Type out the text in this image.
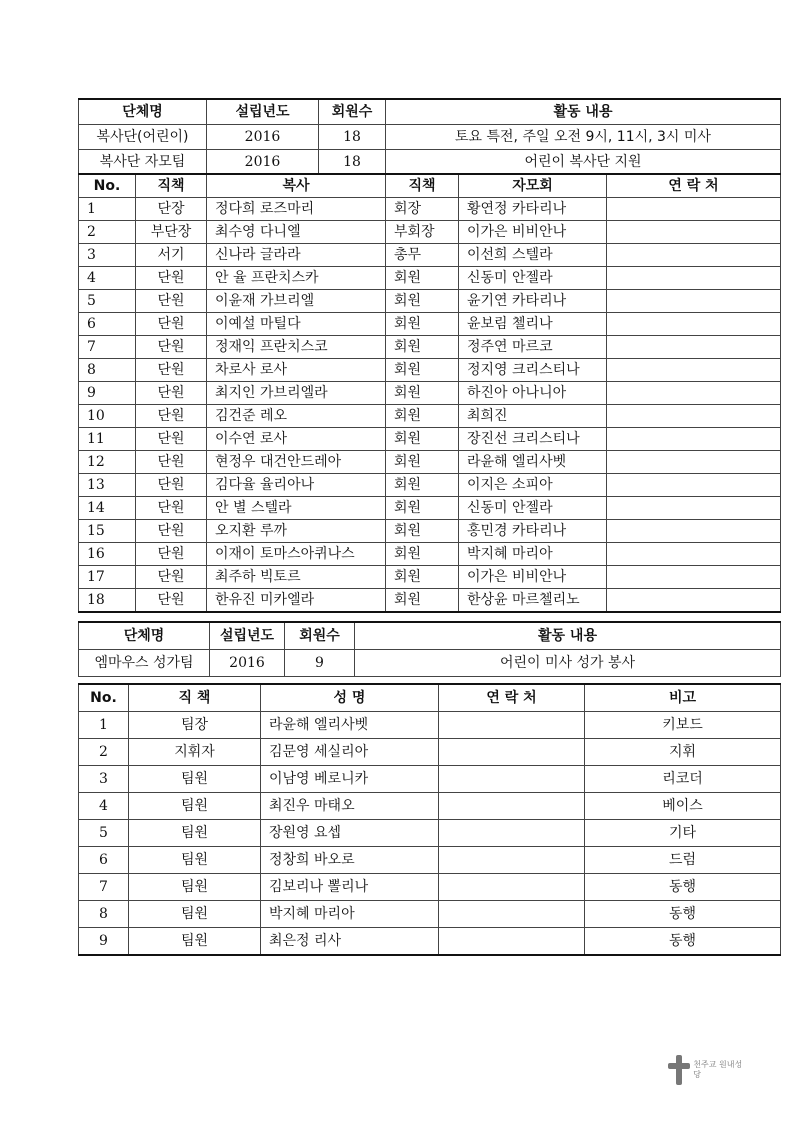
단체명	설립년도	회원수	활동 내용
복사단(어린이)	2016	18	토요 특전, 주일 오전 9시, 11시, 3시 미사
복사단 자모팀	2016	18	어린이 복사단 지원
No.	직책	복사	직책	자모회	연 락 처
1	단장	정다희 로즈마리	회장	황연정 카타리나	
2	부단장	최수영 다니엘	부회장	이가은 비비안나	
3	서기	신나라 글라라	총무	이선희 스텔라	
4	단원	안 율 프란치스카	회원	신동미 안젤라	
5	단원	이윤재 가브리엘	회원	윤기연 카타리나	
6	단원	이예설 마틸다	회원	윤보림 첼리나	
7	단원	정재익 프란치스코	회원	정주연 마르코	
8	단원	차로사 로사	회원	정지영 크리스티나	
9	단원	최지인 가브리엘라	회원	하진아 아나니아	
10	단원	김건준 레오	회원	최희진	
11	단원	이수연 로사	회원	장진선 크리스티나	
12	단원	현정우 대건안드레아	회원	라윤해 엘리사벳	
13	단원	김다율 율리아나	회원	이지은 소피아	
14	단원	안 별 스텔라	회원	신동미 안젤라	
15	단원	오지환 루까	회원	홍민경 카타리나	
16	단원	이재이 토마스아퀴나스	회원	박지혜 마리아	
17	단원	최주하 빅토르	회원	이가은 비비안나	
18	단원	한유진 미카엘라	회원	한상윤 마르첼리노	
단체명	설립년도	회원수	활동 내용
엠마우스 성가팀	2016	9	어린이 미사 성가 봉사
No.	직 책	성 명	연 락 처	비고
1	팀장	라윤해 엘리사벳		키보드
2	지휘자	김문영 세실리아		지휘
3	팀원	이남영 베로니카		리코더
4	팀원	최진우 마태오		베이스
5	팀원	장원영 요셉		기타
6	팀원	정창희 바오로		드럼
7	팀원	김보리나 뽈리나		동행
8	팀원	박지혜 마리아		동행
9	팀원	최은정 리사		동행
천주교 원내성당
